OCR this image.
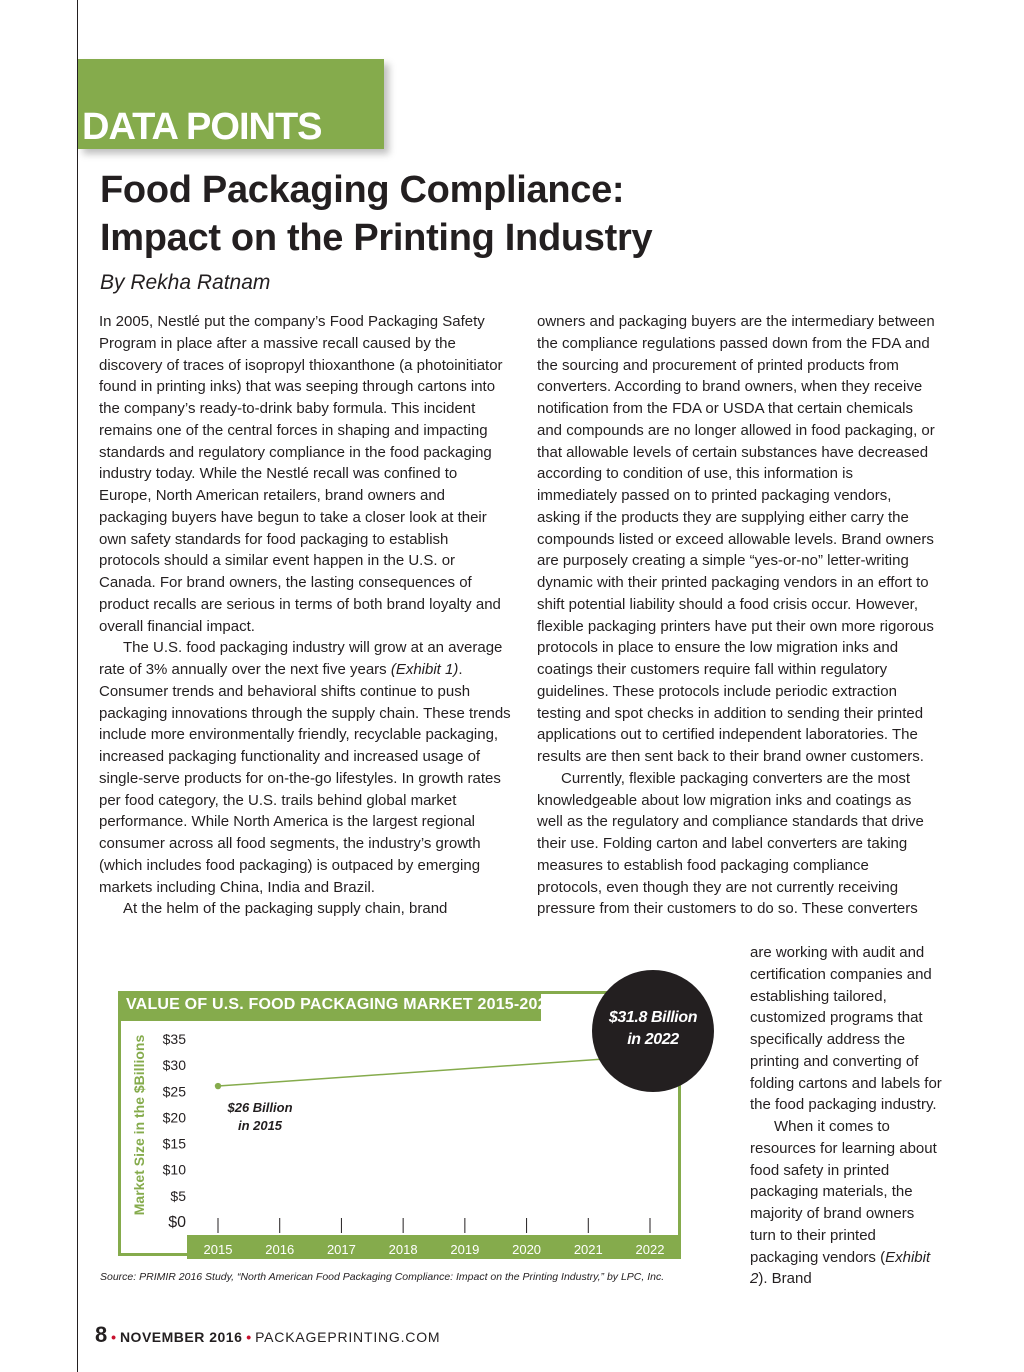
DATA POINTS
Food Packaging Compliance:
Impact on the Printing Industry
By Rekha Ratnam

In 2005, Nestlé put the company’s Food Packaging Safety Program in place after a massive recall caused by the discovery of traces of isopropyl thioxanthone (a photoinitiator found in printing inks) that was seeping through cartons into the company’s ready-to-drink baby formula. This incident remains one of the central forces in shaping and impacting standards and regulatory compliance in the food packaging industry today. While the Nestlé recall was confined to Europe, North American retailers, brand owners and packaging buyers have begun to take a closer look at their own safety standards for food packaging to establish protocols should a similar event happen in the U.S. or Canada. For brand owners, the lasting consequences of product recalls are serious in terms of both brand loyalty and overall financial impact.

The U.S. food packaging industry will grow at an average rate of 3% annually over the next five years (Exhibit 1). Consumer trends and behavioral shifts continue to push packaging innovations through the supply chain. These trends include more environmentally friendly, recyclable packaging, increased packaging functionality and increased usage of single-serve products for on-the-go lifestyles. In growth rates per food category, the U.S. trails behind global market performance. While North America is the largest regional consumer across all food segments, the industry’s growth (which includes food packaging) is outpaced by emerging markets including China, India and Brazil.

At the helm of the packaging supply chain, brand

owners and packaging buyers are the intermediary between the compliance regulations passed down from the FDA and the sourcing and procurement of printed products from converters. According to brand owners, when they receive notification from the FDA or USDA that certain chemicals and compounds are no longer allowed in food packaging, or that allowable levels of certain substances have decreased according to condition of use, this information is immediately passed on to printed packaging vendors, asking if the products they are supplying either carry the compounds listed or exceed allowable levels. Brand owners are purposely creating a simple “yes-or-no” letter-writing dynamic with their printed packaging vendors in an effort to shift potential liability should a food crisis occur. However, flexible packaging printers have put their own more rigorous protocols in place to ensure the low migration inks and coatings their customers require fall within regulatory guidelines. These protocols include periodic extraction testing and spot checks in addition to sending their printed applications out to certified independent laboratories. The results are then sent back to their brand owner customers.

Currently, flexible packaging converters are the most knowledgeable about low migration inks and coatings as well as the regulatory and compliance standards that drive their use. Folding carton and label converters are taking measures to establish food packaging compliance protocols, even though they are not currently receiving pressure from their customers to do so. These converters

are working with audit and certification companies and establishing tailored, customized programs that specifically address the printing and converting of folding cartons and labels for the food packaging industry.

When it comes to resources for learning about food safety in printed packaging materials, the majority of brand owners turn to their printed packaging vendors (Exhibit 2). Brand

VALUE OF U.S. FOOD PACKAGING MARKET 2015-2022
Market Size in the $Billions
$0
$5
$10
$15
$20
$25
$30
$35
2015	2016	2017	2018	2019	2020	2021	2022
$26 Billion
in 2015
Source: PRIMIR 2016 Study, “North American Food Packaging Compliance: Impact on the Printing Industry,” by LPC, Inc.
$31.8 Billion
in 2022
8 • NOVEMBER 2016 • PACKAGEPRINTING.COM
